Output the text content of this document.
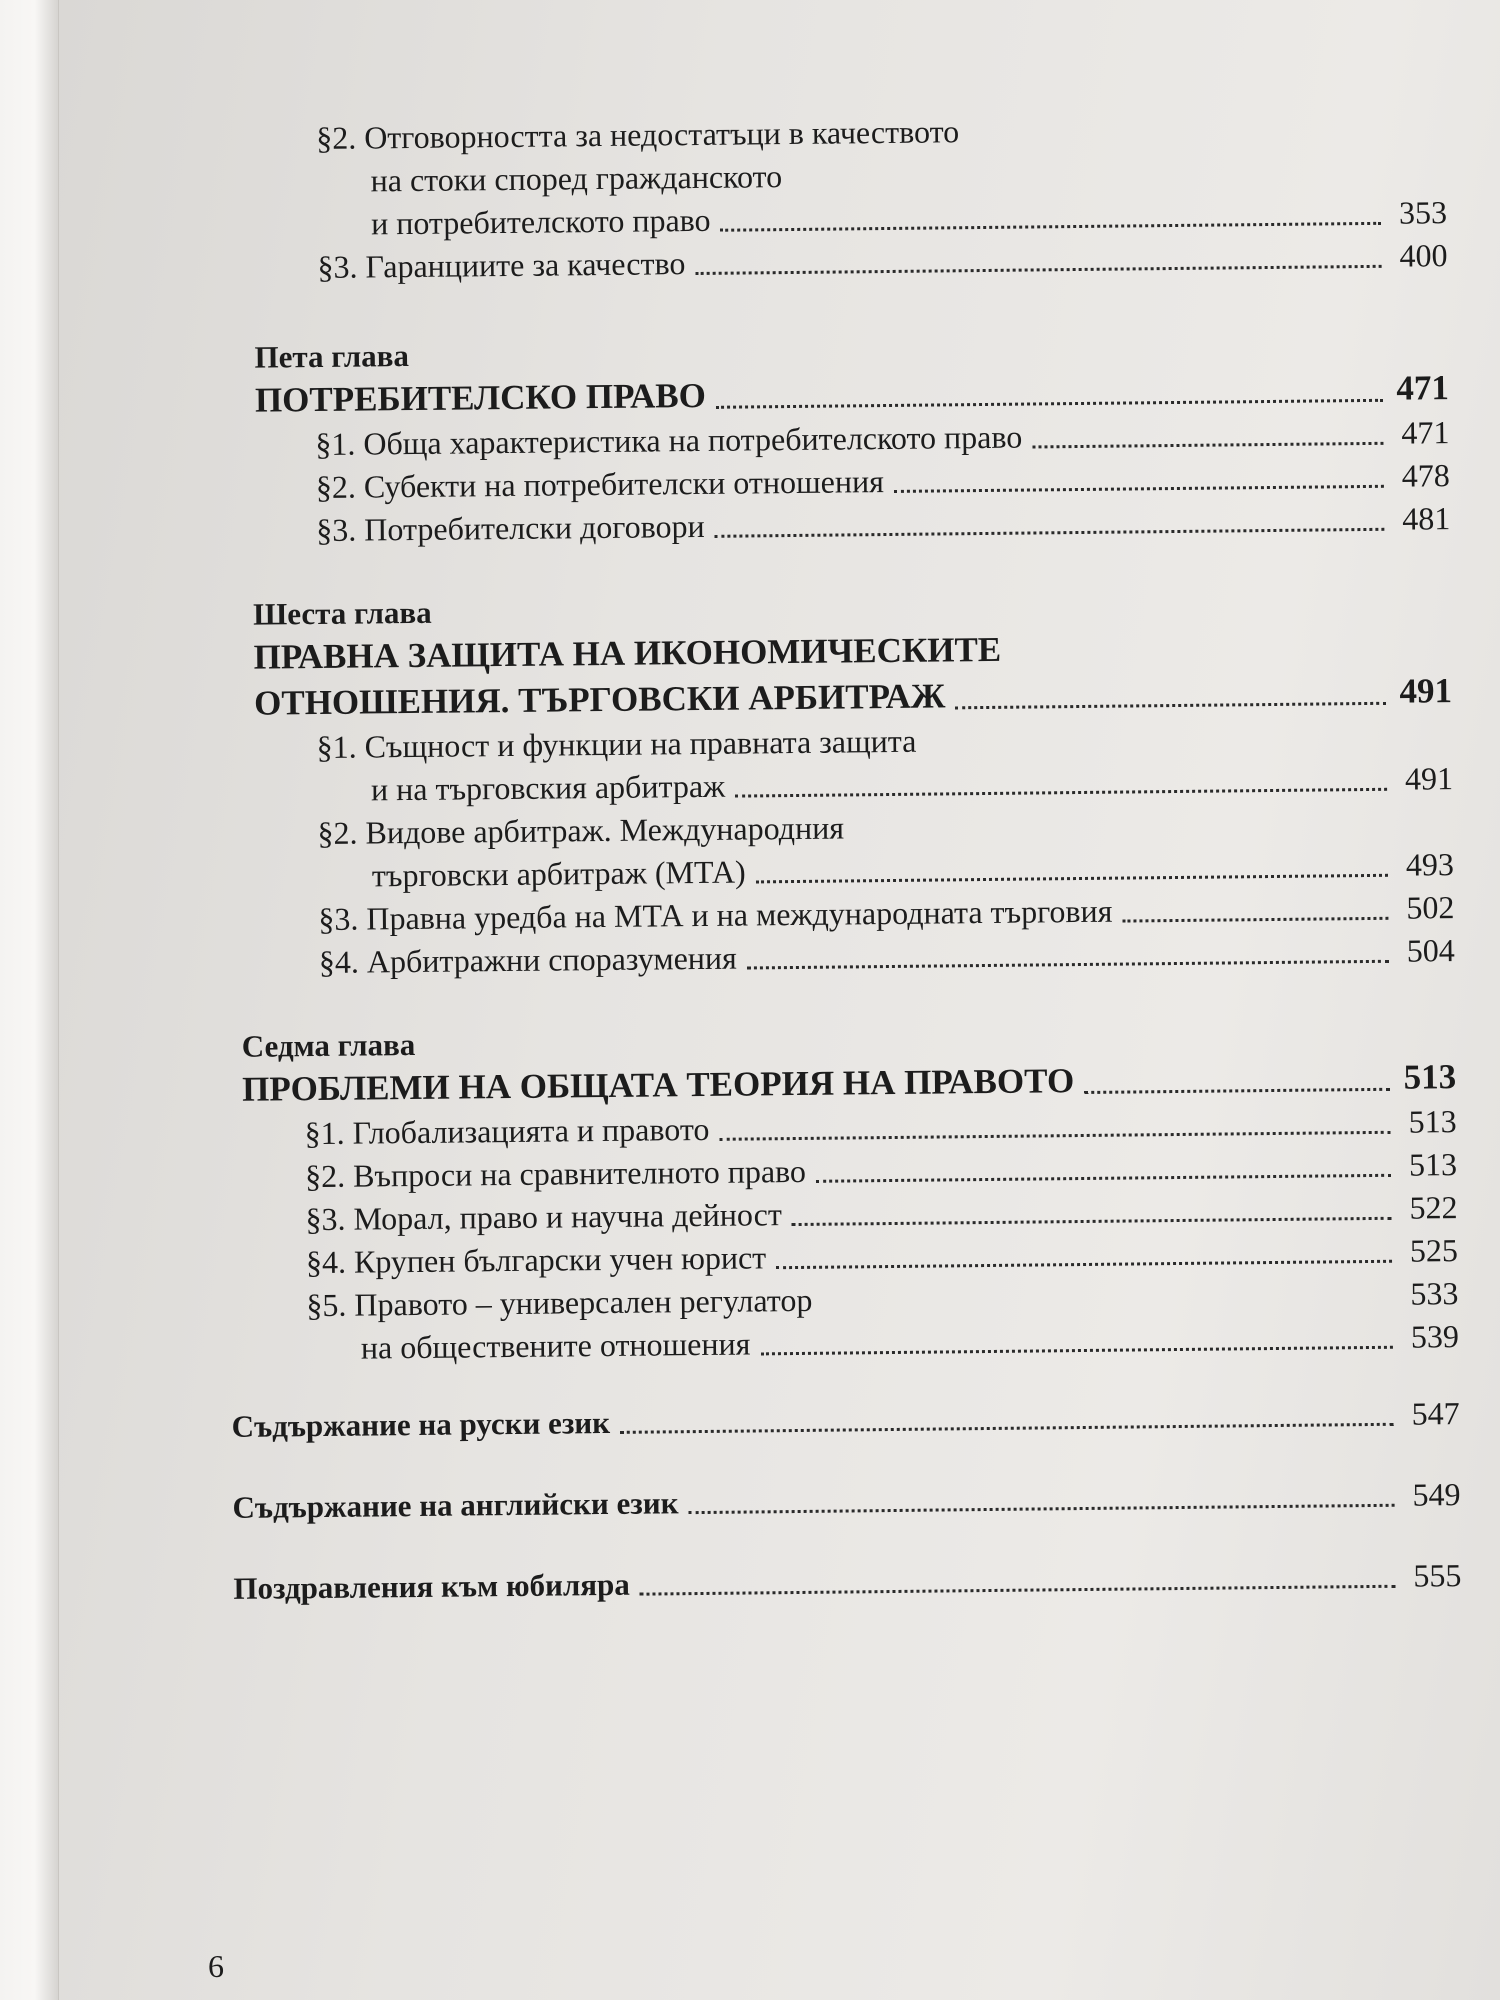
§2. Отговорността за недостатъци в качеството
на стоки според гражданското
и потребителското право	353
§3. Гаранциите за качество	400
Пета глава
ПОТРЕБИТЕЛСКО ПРАВО	471
§1. Обща характеристика на потребителското право	471
§2. Субекти на потребителски отношения	478
§3. Потребителски договори	481
Шеста глава
ПРАВНА ЗАЩИТА НА ИКОНОМИЧЕСКИТЕ
ОТНОШЕНИЯ. ТЪРГОВСКИ АРБИТРАЖ	491
§1. Същност и функции на правната защита
и на търговския арбитраж	491
§2. Видове арбитраж. Международния
търговски арбитраж (МТА)	493
§3. Правна уредба на МТА и на международната търговия	502
§4. Арбитражни споразумения	504
Седма глава
ПРОБЛЕМИ НА ОБЩАТА ТЕОРИЯ НА ПРАВОТО	513
§1. Глобализацията и правото	513
§2. Въпроси на сравнителното право	513
§3. Морал, право и научна дейност	522
§4. Крупен български учен юрист	525
§5. Правото – универсален регулатор	533
на обществените отношения	539
Съдържание на руски език	547
Съдържание на английски език	549
Поздравления към юбиляра	555
6
